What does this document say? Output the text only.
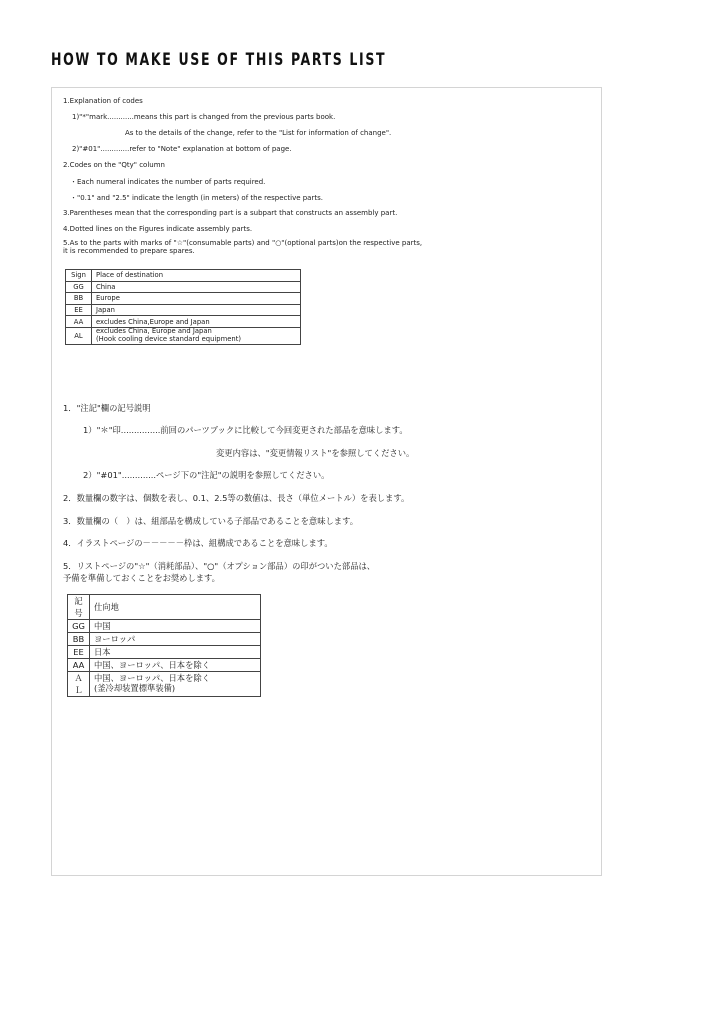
HOW TO MAKE USE OF THIS PARTS LIST
1.Explanation of codes
1)"*"mark............means this part is changed from the previous parts book.
As to the details of the change, refer to the "List for information of change".
2)"#01".............refer to "Note" explanation at bottom of page.
2.Codes on the "Qty" column
・Each numeral indicates the number of parts required.
・"0.1" and "2.5" indicate the length (in meters) of the respective parts.
3.Parentheses mean that the corresponding part is a subpart that constructs an assembly part.
4.Dotted lines on the Figures indicate assembly parts.
5.As to the parts with marks of "☆"(consumable parts) and "○"(optional parts)on the respective parts,
it is recommended to prepare spares.
Sign	Place of destination
GG	China
BB	Europe
EE	Japan
AA	excludes China,Europe and Japan
AL	excludes China, Europe and Japan
(Hook cooling device standard equipment)
1．"注記"欄の記号説明
1）"＊"印...............前回のパーツブックに比較して今回変更された部品を意味します。
変更内容は、"変更情報リスト"を参照してください。
2）"#01".............ページ下の"注記"の説明を参照してください。
2．数量欄の数字は、個数を表し、0.1、2.5等の数値は、長さ（単位メートル）を表します。
3．数量欄の（　）は、組部品を構成している子部品であることを意味します。
4．イラストページの－－－－－枠は、組構成であることを意味します。
5．リストページの"☆"（消耗部品）、"○"（オプション部品）の印がついた部品は、
予備を準備しておくことをお奨めします。
記号	仕向地
GG	中国
BB	ヨーロッパ
EE	日本
AA	中国、ヨーロッパ、日本を除く
ＡＬ	中国、ヨーロッパ、日本を除く
(釜冷却装置標準装備)
